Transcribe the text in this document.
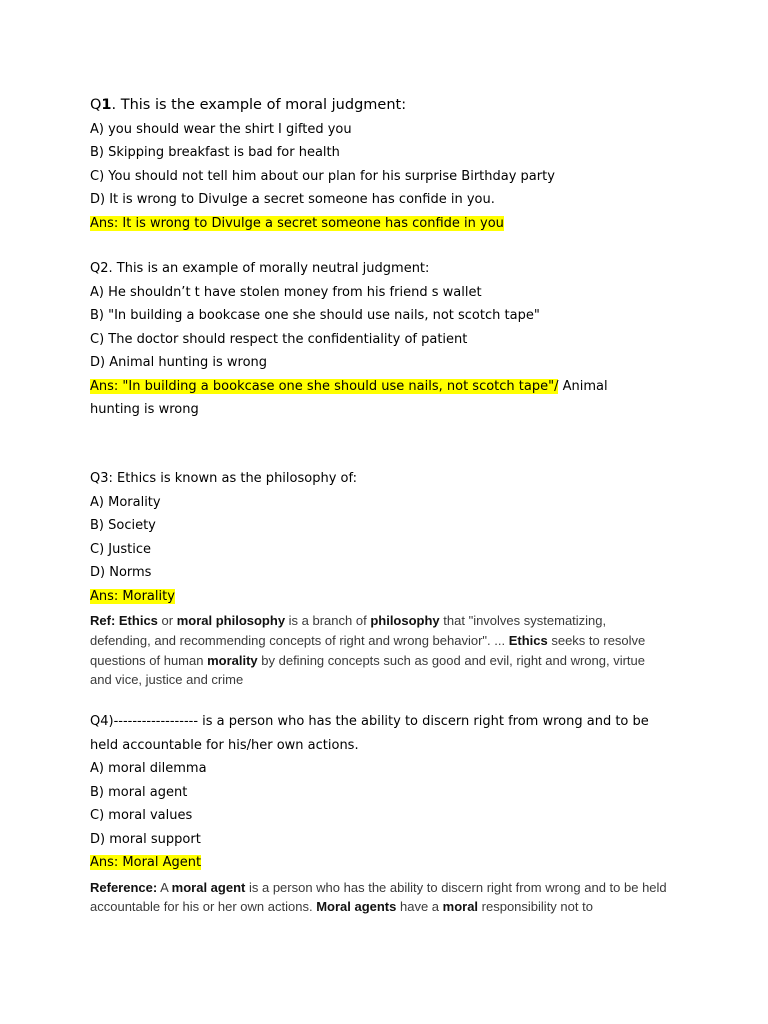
Q1. This is the example of moral judgment:
A) you should wear the shirt I gifted you
B) Skipping breakfast is bad for health
C) You should not tell him about our plan for his surprise Birthday party
D) It is wrong to Divulge a secret someone has confide in you.
Ans: It is wrong to Divulge a secret someone has confide in you
Q2. This is an example of morally neutral judgment:
A) He shouldn’t t have stolen money from his friend s wallet
B) "In building a bookcase one she should use nails, not scotch tape"
C) The doctor should respect the confidentiality of patient
D) Animal hunting is wrong
Ans: "In building a bookcase one she should use nails, not scotch tape"/ Animal hunting is wrong
Q3: Ethics is known as the philosophy of:
A) Morality
B) Society
C) Justice
D) Norms
Ans: Morality
Ref: Ethics or moral philosophy is a branch of philosophy that "involves systematizing, defending, and recommending concepts of right and wrong behavior". ... Ethics seeks to resolve questions of human morality by defining concepts such as good and evil, right and wrong, virtue and vice, justice and crime
Q4)------------------ is a person who has the ability to discern right from wrong and to be held accountable for his/her own actions.
A) moral dilemma
B) moral agent
C) moral values
D) moral support
Ans: Moral Agent
Reference: A moral agent is a person who has the ability to discern right from wrong and to be held accountable for his or her own actions. Moral agents have a moral responsibility not to
